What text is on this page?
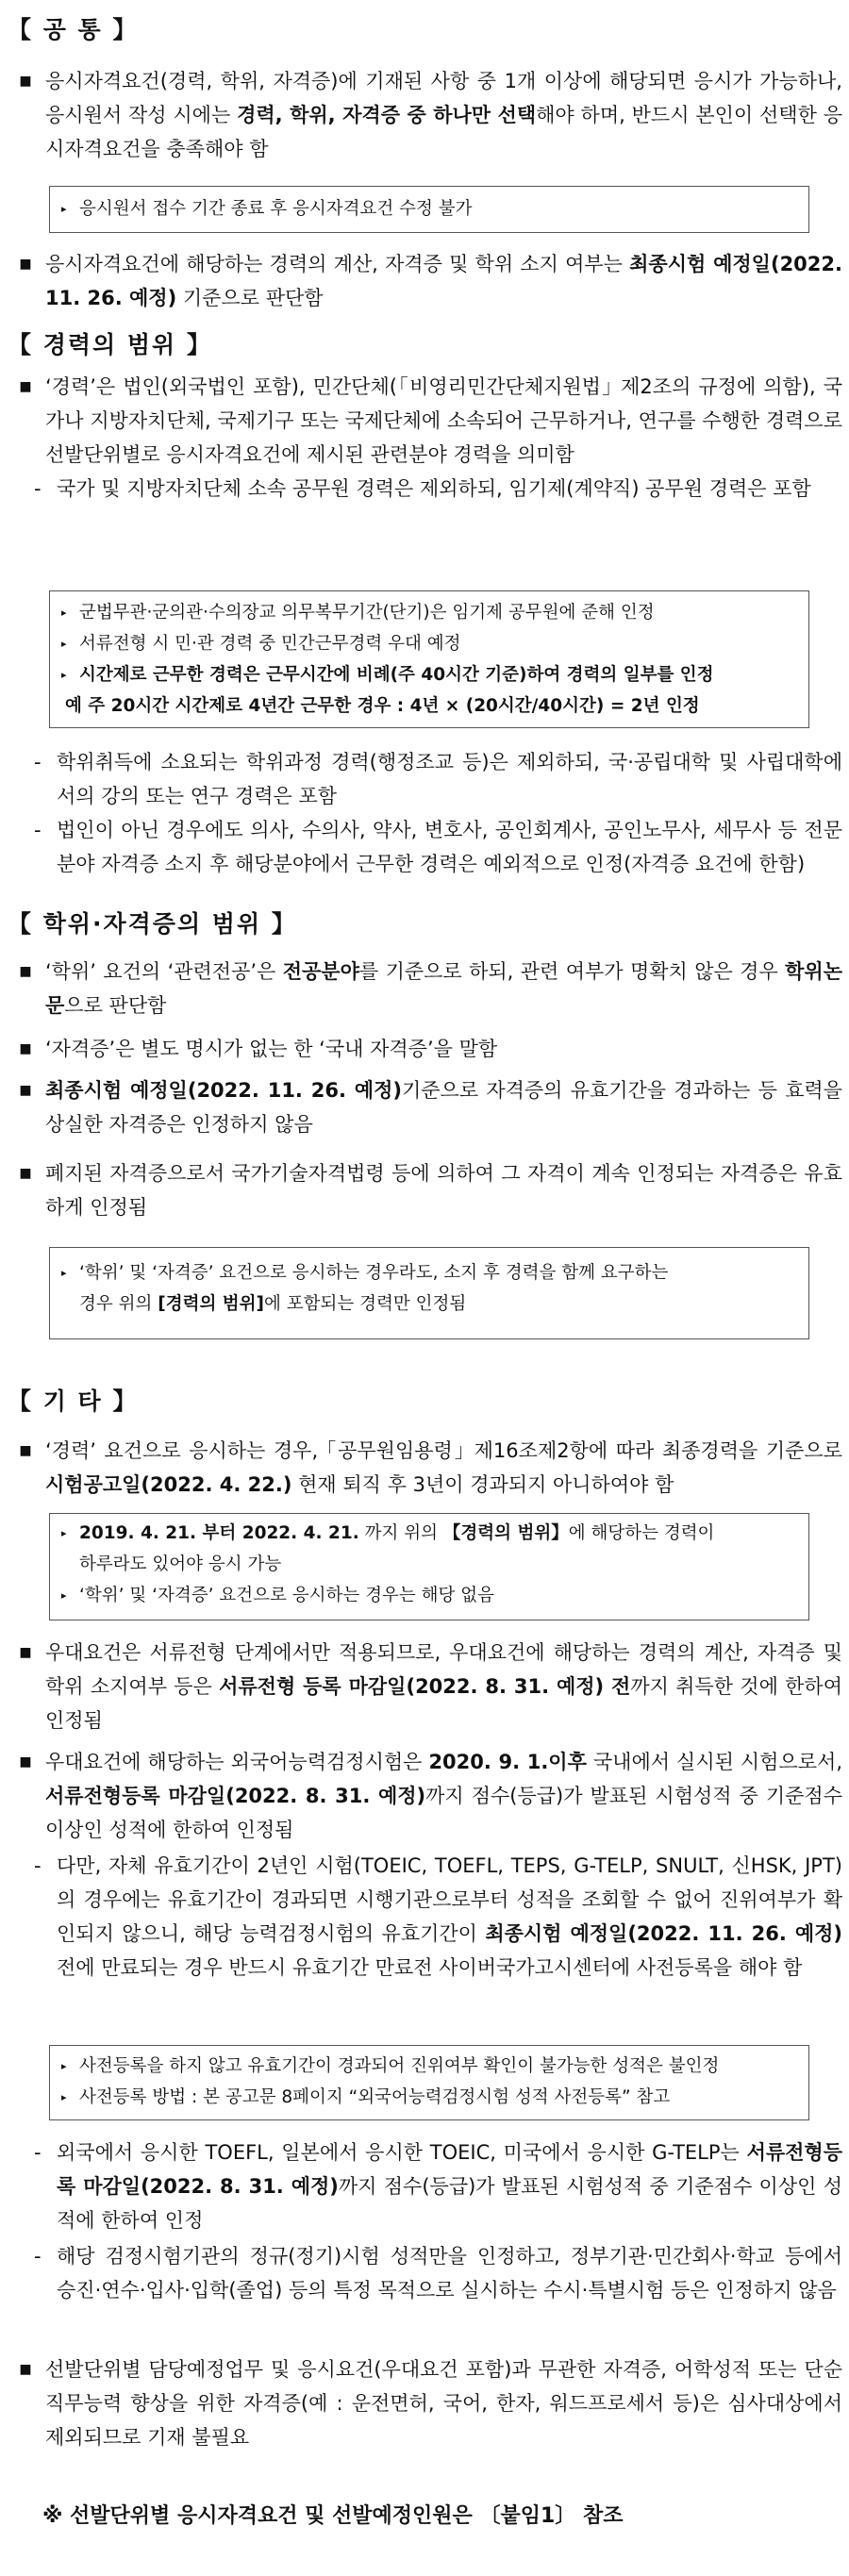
【 공 통 】
■ 응시자격요건(경력, 학위, 자격증)에 기재된 사항 중 1개 이상에 해당되면 응시가 가능하나, 응시원서 작성 시에는 경력, 학위, 자격증 중 하나만 선택해야 하며, 반드시 본인이 선택한 응시자격요건을 충족해야 함
▸ 응시원서 접수 기간 종료 후 응시자격요건 수정 불가
■ 응시자격요건에 해당하는 경력의 계산, 자격증 및 학위 소지 여부는 최종시험 예정일(2022. 11. 26. 예정) 기준으로 판단함
【 경력의 범위 】
■ ‘경력’은 법인(외국법인 포함), 민간단체(｢비영리민간단체지원법｣ 제2조의 규정에 의함), 국가나 지방자치단체, 국제기구 또는 국제단체에 소속되어 근무하거나, 연구를 수행한 경력으로 선발단위별로 응시자격요건에 제시된 관련분야 경력을 의미함
- 국가 및 지방자치단체 소속 공무원 경력은 제외하되, 임기제(계약직) 공무원 경력은 포함
▸ 군법무관·군의관·수의장교 의무복무기간(단기)은 임기제 공무원에 준해 인정
▸ 서류전형 시 민·관 경력 중 민간근무경력 우대 예정
▸ 시간제로 근무한 경력은 근무시간에 비례(주 40시간 기준)하여 경력의 일부를 인정
예 주 20시간 시간제로 4년간 근무한 경우 : 4년 × (20시간/40시간) = 2년 인정
- 학위취득에 소요되는 학위과정 경력(행정조교 등)은 제외하되, 국·공립대학 및 사립대학에서의 강의 또는 연구 경력은 포함
- 법인이 아닌 경우에도 의사, 수의사, 약사, 변호사, 공인회계사, 공인노무사, 세무사 등 전문분야 자격증 소지 후 해당분야에서 근무한 경력은 예외적으로 인정(자격증 요건에 한함)
【 학위·자격증의 범위 】
■ ‘학위’ 요건의 ‘관련전공’은 전공분야를 기준으로 하되, 관련 여부가 명확치 않은 경우 학위논문으로 판단함
■ ‘자격증’은 별도 명시가 없는 한 ‘국내 자격증’을 말함
■ 최종시험 예정일(2022. 11. 26. 예정)기준으로 자격증의 유효기간을 경과하는 등 효력을 상실한 자격증은 인정하지 않음
■ 폐지된 자격증으로서 국가기술자격법령 등에 의하여 그 자격이 계속 인정되는 자격증은 유효하게 인정됨
▸ ‘학위’ 및 ‘자격증’ 요건으로 응시하는 경우라도, 소지 후 경력을 함께 요구하는
경우 위의 [경력의 범위]에 포함되는 경력만 인정됨
【 기 타 】
■ ‘경력’ 요건으로 응시하는 경우, ｢공무원임용령｣ 제16조제2항에 따라 최종경력을 기준으로 시험공고일(2022. 4. 22.) 현재 퇴직 후 3년이 경과되지 아니하여야 함
▸ 2019. 4. 21. 부터 2022. 4. 21. 까지 위의 【경력의 범위】에 해당하는 경력이
하루라도 있어야 응시 가능
▸ ‘학위’ 및 ‘자격증’ 요건으로 응시하는 경우는 해당 없음
■ 우대요건은 서류전형 단계에서만 적용되므로, 우대요건에 해당하는 경력의 계산, 자격증 및 학위 소지여부 등은 서류전형 등록 마감일(2022. 8. 31. 예정) 전까지 취득한 것에 한하여 인정됨
■ 우대요건에 해당하는 외국어능력검정시험은 2020. 9. 1.이후 국내에서 실시된 시험으로서, 서류전형등록 마감일(2022. 8. 31. 예정)까지 점수(등급)가 발표된 시험성적 중 기준점수 이상인 성적에 한하여 인정됨
- 다만, 자체 유효기간이 2년인 시험(TOEIC, TOEFL, TEPS, G-TELP, SNULT, 신HSK, JPT)의 경우에는 유효기간이 경과되면 시행기관으로부터 성적을 조회할 수 없어 진위여부가 확인되지 않으니, 해당 능력검정시험의 유효기간이 최종시험 예정일(2022. 11. 26. 예정) 전에 만료되는 경우 반드시 유효기간 만료전 사이버국가고시센터에 사전등록을 해야 함
▸ 사전등록을 하지 않고 유효기간이 경과되어 진위여부 확인이 불가능한 성적은 불인정
▸ 사전등록 방법 : 본 공고문 8페이지 “외국어능력검정시험 성적 사전등록” 참고
- 외국에서 응시한 TOEFL, 일본에서 응시한 TOEIC, 미국에서 응시한 G-TELP는 서류전형등록 마감일(2022. 8. 31. 예정)까지 점수(등급)가 발표된 시험성적 중 기준점수 이상인 성적에 한하여 인정
- 해당 검정시험기관의 정규(정기)시험 성적만을 인정하고, 정부기관·민간회사·학교 등에서 승진·연수·입사·입학(졸업) 등의 특정 목적으로 실시하는 수시·특별시험 등은 인정하지 않음
■ 선발단위별 담당예정업무 및 응시요건(우대요건 포함)과 무관한 자격증, 어학성적 또는 단순직무능력 향상을 위한 자격증(예 : 운전면허, 국어, 한자, 워드프로세서 등)은 심사대상에서 제외되므로 기재 불필요
※ 선발단위별 응시자격요건 및 선발예정인원은 〔붙임1〕 참조
